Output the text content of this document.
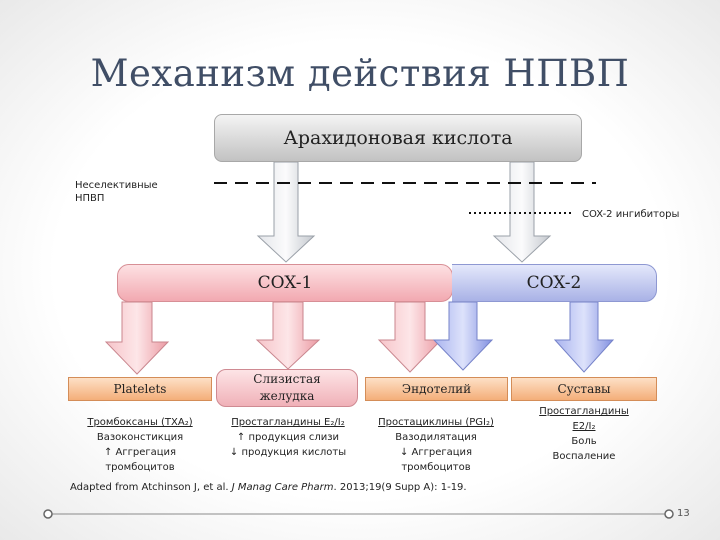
Механизм действия НПВП
Арахидоновая кислота
Неселективные
НПВП
COX-2 ингибиторы
COX-1	COX-2
Platelets
Слизистая
желудка	Эндотелий	Суставы
Тромбоксаны (TXA₂)
Вазоконстикция
↑ Аггрегация
тромбоцитов
Простагландины E₂/I₂
↑ продукция слизи
↓ продукция кислоты
Простациклины (PGI₂)
Вазодилятация
↓ Аггрегация
тромбоцитов
Простагландины
E2/I₂
Боль
Воспаление
Adapted from Atchinson J, et al. J Manag Care Pharm. 2013;19(9 Supp A): 1-19.
13
